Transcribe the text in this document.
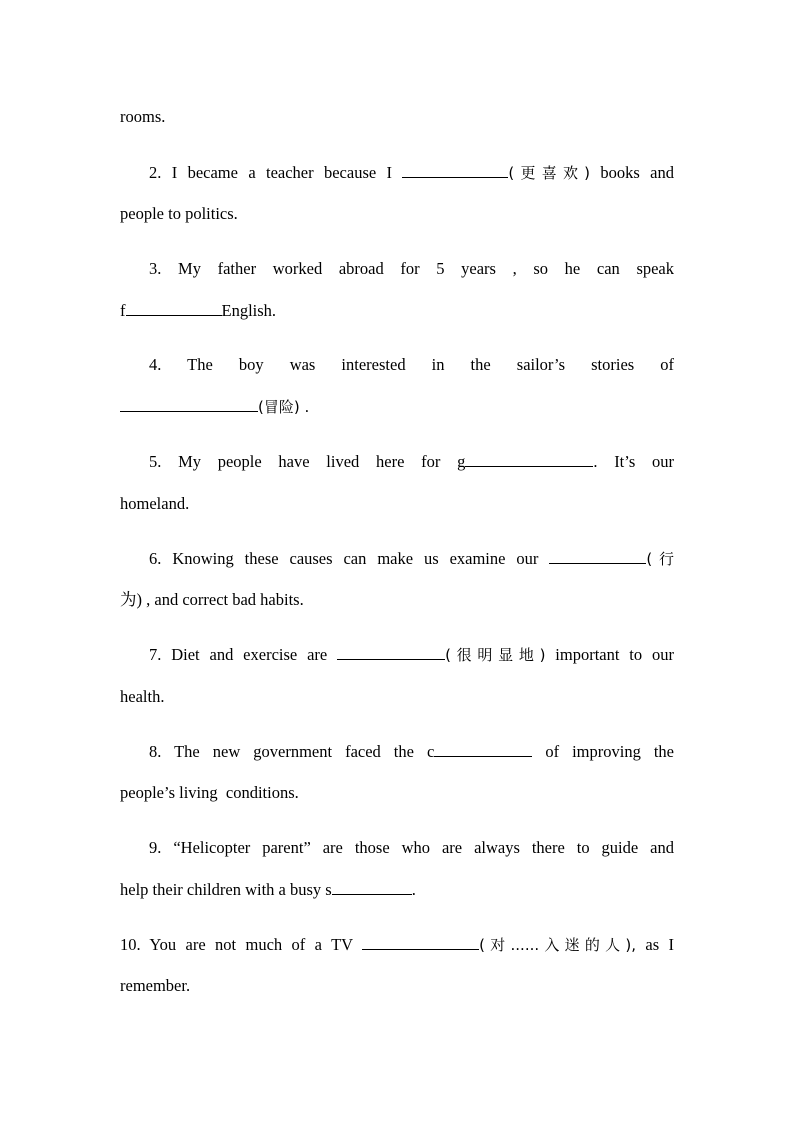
rooms.
2. I became a teacher because I	(更喜欢) books and
people to politics.
3. My father worked abroad for 5 years , so he can speak
f	English.
4. The boy was interested in the sailor’s stories of
(冒险) .
5. My people have lived here for g	. It’s our
homeland.
6. Knowing these causes can make us examine our	(行
为) , and correct bad habits.
7. Diet and exercise are	(很明显地) important to our
health.
8. The new government faced the c	of improving the
people’s living  conditions.
9. “Helicopter parent” are those who are always there to guide and
help their children with a busy s	.
10. You are not much of a TV	(对......入迷的人), as I
remember.
